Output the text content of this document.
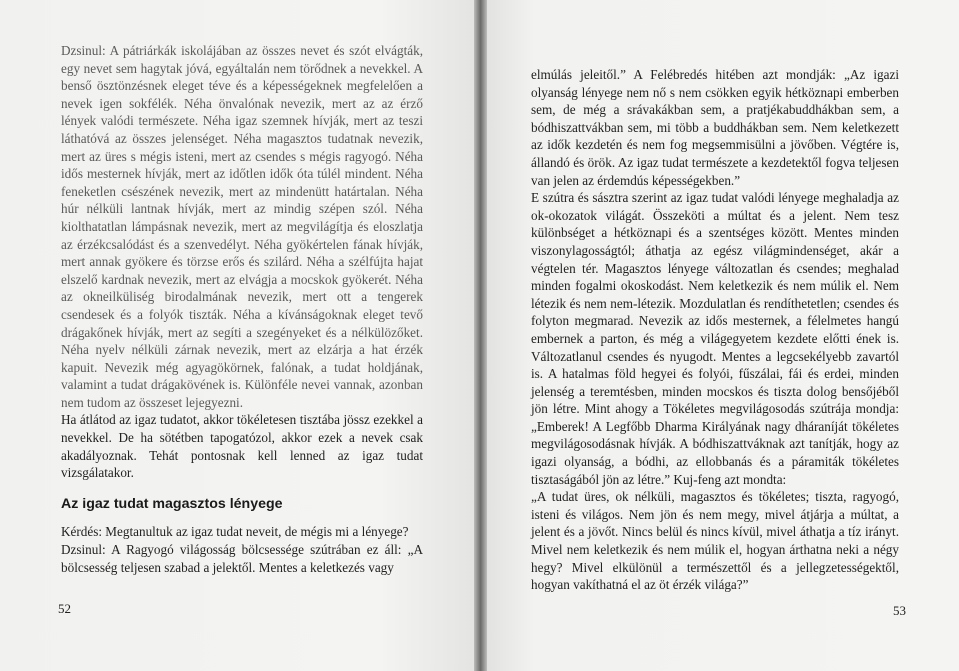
Dzsinul: A pátriárkák iskolájában az összes nevet és szót elvágták, egy nevet sem hagytak jóvá, egyáltalán nem törődnek a nevekkel. A benső ösztönzésnek eleget téve és a képességeknek megfelelően a nevek igen sokfélék. Néha önvalónak nevezik, mert az az érző lények valódi természete. Néha igaz szemnek hívják, mert az teszi láthatóvá az összes jelenséget. Néha magasztos tudatnak nevezik, mert az üres s mégis isteni, mert az csendes s mégis ragyogó. Néha idős mesternek hívják, mert az időtlen idők óta túlél mindent. Néha feneketlen csészének nevezik, mert az mindenütt határtalan. Néha húr nélküli lantnak hívják, mert az mindig szépen szól. Néha kiolthatatlan lámpásnak nevezik, mert az megvilágítja és eloszlatja az érzékcsalódást és a szenvedélyt. Néha gyökértelen fának hívják, mert annak gyökere és törzse erős és szilárd. Néha a szélfújta hajat elszelő kardnak nevezik, mert az elvágja a mocskok gyökerét. Néha az okneilküliség birodalmának nevezik, mert ott a tengerek csendesek és a folyók tiszták. Néha a kívánságoknak eleget tevő drágakőnek hívják, mert az segíti a szegényeket és a nélkülözőket. Néha nyelv nélküli zárnak nevezik, mert az elzárja a hat érzék kapuit. Nevezik még agyagökörnek, falónak, a tudat holdjának, valamint a tudat drágakövének is. Különféle nevei vannak, azonban nem tudom az összeset lejegyezni.

Ha átlátod az igaz tudatot, akkor tökéletesen tisztába jössz ezekkel a nevekkel. De ha sötétben tapogatózol, akkor ezek a nevek csak akadályoznak. Tehát pontosnak kell lenned az igaz tudat vizsgálatakor.

Az igaz tudat magasztos lényege

Kérdés: Megtanultuk az igaz tudat neveit, de mégis mi a lényege?

Dzsinul: A Ragyogó világosság bölcsessége szútrában ez áll: „A bölcsesség teljesen szabad a jelektől. Mentes a keletkezés vagy

52

elmúlás jeleitől.” A Felébredés hitében azt mondják: „Az igazi olyanság lényege nem nő s nem csökken egyik hétköznapi emberben sem, de még a srávakákban sem, a pratjékabuddhákban sem, a bódhiszattvákban sem, mi több a buddhákban sem. Nem keletkezett az idők kezdetén és nem fog megsemmisülni a jövőben. Végtére is, állandó és örök. Az igaz tudat természete a kezdetektől fogva teljesen van jelen az érdemdús képességekben.”

E szútra és sásztra szerint az igaz tudat valódi lényege meghaladja az ok-okozatok világát. Összeköti a múltat és a jelent. Nem tesz különbséget a hétköznapi és a szentséges között. Mentes minden viszonylagosságtól; áthatja az egész világmindenséget, akár a végtelen tér. Magasztos lényege változatlan és csendes; meghalad minden fogalmi okoskodást. Nem keletkezik és nem múlik el. Nem létezik és nem nem-létezik. Mozdulatlan és rendíthetetlen; csendes és folyton megmarad. Nevezik az idős mesternek, a félelmetes hangú embernek a parton, és még a világegyetem kezdete előtti ének is. Változatlanul csendes és nyugodt. Mentes a legcsekélyebb zavartól is. A hatalmas föld hegyei és folyói, fűszálai, fái és erdei, minden jelenség a teremtésben, minden mocskos és tiszta dolog bensőjéből jön létre. Mint ahogy a Tökéletes megvilágosodás szútrája mondja: „Emberek! A Legfőbb Dharma Királyának nagy dháraníját tökéletes megvilágosodásnak hívják. A bódhiszattváknak azt tanítják, hogy az igazi olyanság, a bódhi, az ellobbanás és a páramiták tökéletes tisztaságából jön az létre.” Kuj-feng azt mondta:

„A tudat üres, ok nélküli, magasztos és tökéletes; tiszta, ragyogó, isteni és világos. Nem jön és nem megy, mivel átjárja a múltat, a jelent és a jövőt. Nincs belül és nincs kívül, mivel áthatja a tíz irányt. Mivel nem keletkezik és nem múlik el, hogyan árthatna neki a négy hegy? Mivel elkülönül a természettől és a jellegzetességektől, hogyan vakíthatná el az öt érzék világa?”

53
